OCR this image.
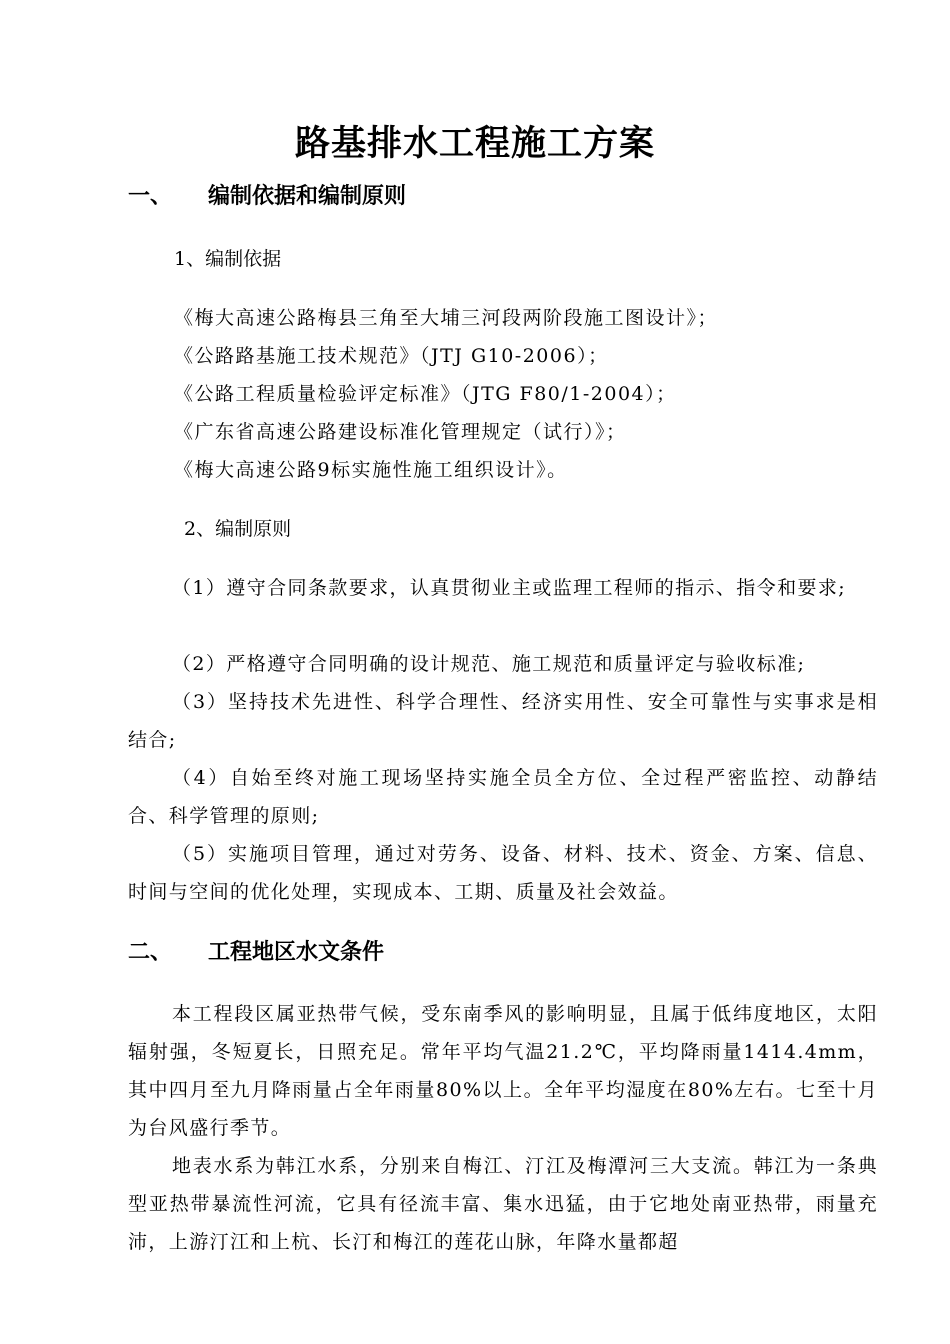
路基排水工程施工方案
一、 编制依据和编制原则
1、编制依据
《梅大高速公路梅县三角至大埔三河段两阶段施工图设计》；
《公路路基施工技术规范》（JTJ G10-2006）；
《公路工程质量检验评定标准》（JTG F80/1-2004）；
《广东省高速公路建设标准化管理规定（试行）》；
《梅大高速公路9标实施性施工组织设计》。
2、编制原则
（1）遵守合同条款要求，认真贯彻业主或监理工程师的指示、指令和要求;
（2）严格遵守合同明确的设计规范、施工规范和质量评定与验收标准;
（3）坚持技术先进性、科学合理性、经济实用性、安全可靠性与实事求是相结合;
（4）自始至终对施工现场坚持实施全员全方位、全过程严密监控、动静结合、科学管理的原则;
（5）实施项目管理，通过对劳务、设备、材料、技术、资金、方案、信息、时间与空间的优化处理，实现成本、工期、质量及社会效益。
二、 工程地区水文条件
本工程段区属亚热带气候，受东南季风的影响明显，且属于低纬度地区，太阳辐射强，冬短夏长，日照充足。常年平均气温21.2℃，平均降雨量1414.4mm，其中四月至九月降雨量占全年雨量80%以上。全年平均湿度在80%左右。七至十月为台风盛行季节。
地表水系为韩江水系，分别来自梅江、汀江及梅潭河三大支流。韩江为一条典型亚热带暴流性河流，它具有径流丰富、集水迅猛，由于它地处南亚热带，雨量充沛，上游汀江和上杭、长汀和梅江的莲花山脉，年降水量都超
